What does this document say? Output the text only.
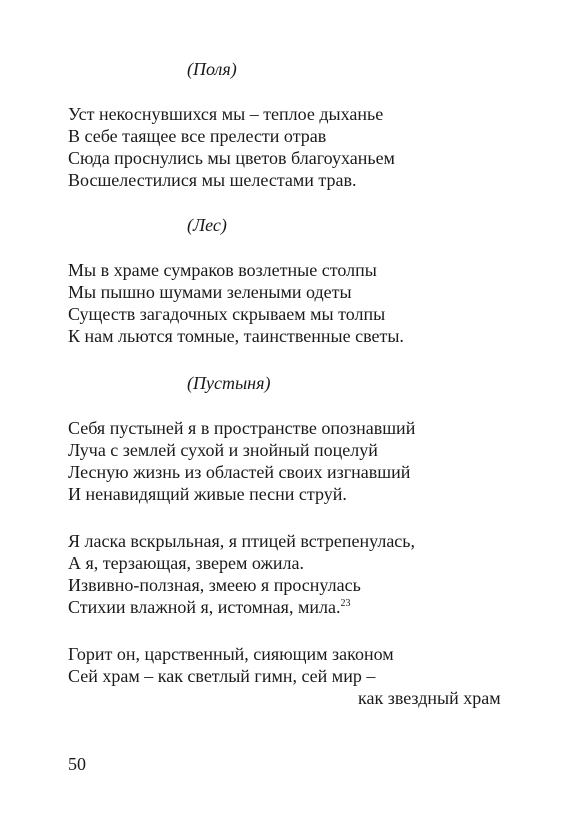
(Поля)
Уст некоснувшихся мы – теплое дыханье
В себе таящее все прелести отрав
Сюда проснулись мы цветов благоуханьем
Восшелестилися мы шелестами трав.
(Лес)
Мы в храме сумраков возлетные столпы
Мы пышно шумами зелеными одеты
Существ загадочных скрываем мы толпы
К нам льются томные, таинственные светы.
(Пустыня)
Себя пустыней я в пространстве опознавший
Луча с землей сухой и знойный поцелуй
Лесную жизнь из областей своих изгнавший
И ненавидящий живые песни струй.
Я ласка вскрыльная, я птицей встрепенулась,
А я, терзающая, зверем ожила.
Извивно-ползная, змеею я проснулась
Стихии влажной я, истомная, мила.$^{23}$
Горит он, царственный, сияющим законом
Сей храм – как светлый гимн, сей мир –
как звездный храм
50
